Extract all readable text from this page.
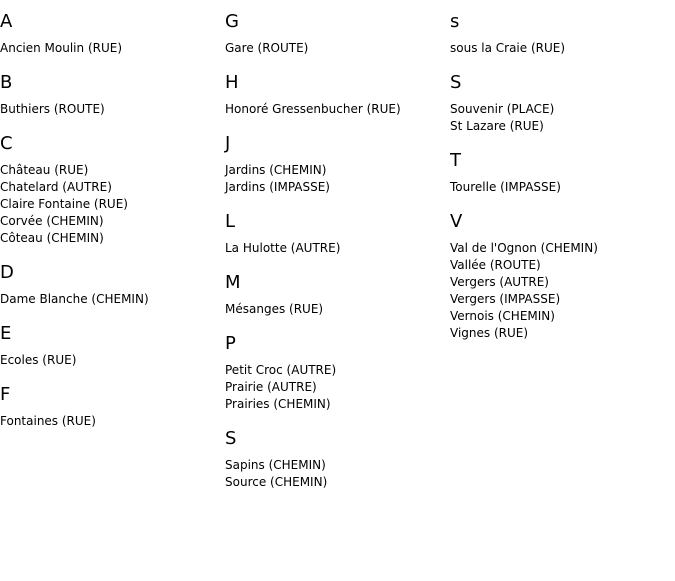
A
Ancien Moulin (RUE)
B
Buthiers (ROUTE)
C
Château (RUE)
Chatelard (AUTRE)
Claire Fontaine (RUE)
Corvée (CHEMIN)
Côteau (CHEMIN)
D
Dame Blanche (CHEMIN)
E
Ecoles (RUE)
F
Fontaines (RUE)
G
Gare (ROUTE)
H
Honoré Gressenbucher (RUE)
J
Jardins (CHEMIN)
Jardins (IMPASSE)
L
La Hulotte (AUTRE)
M
Mésanges (RUE)
P
Petit Croc (AUTRE)
Prairie (AUTRE)
Prairies (CHEMIN)
S
Sapins (CHEMIN)
Source (CHEMIN)
s
sous la Craie (RUE)
S
Souvenir (PLACE)
St Lazare (RUE)
T
Tourelle (IMPASSE)
V
Val de l'Ognon (CHEMIN)
Vallée (ROUTE)
Vergers (AUTRE)
Vergers (IMPASSE)
Vernois (CHEMIN)
Vignes (RUE)
